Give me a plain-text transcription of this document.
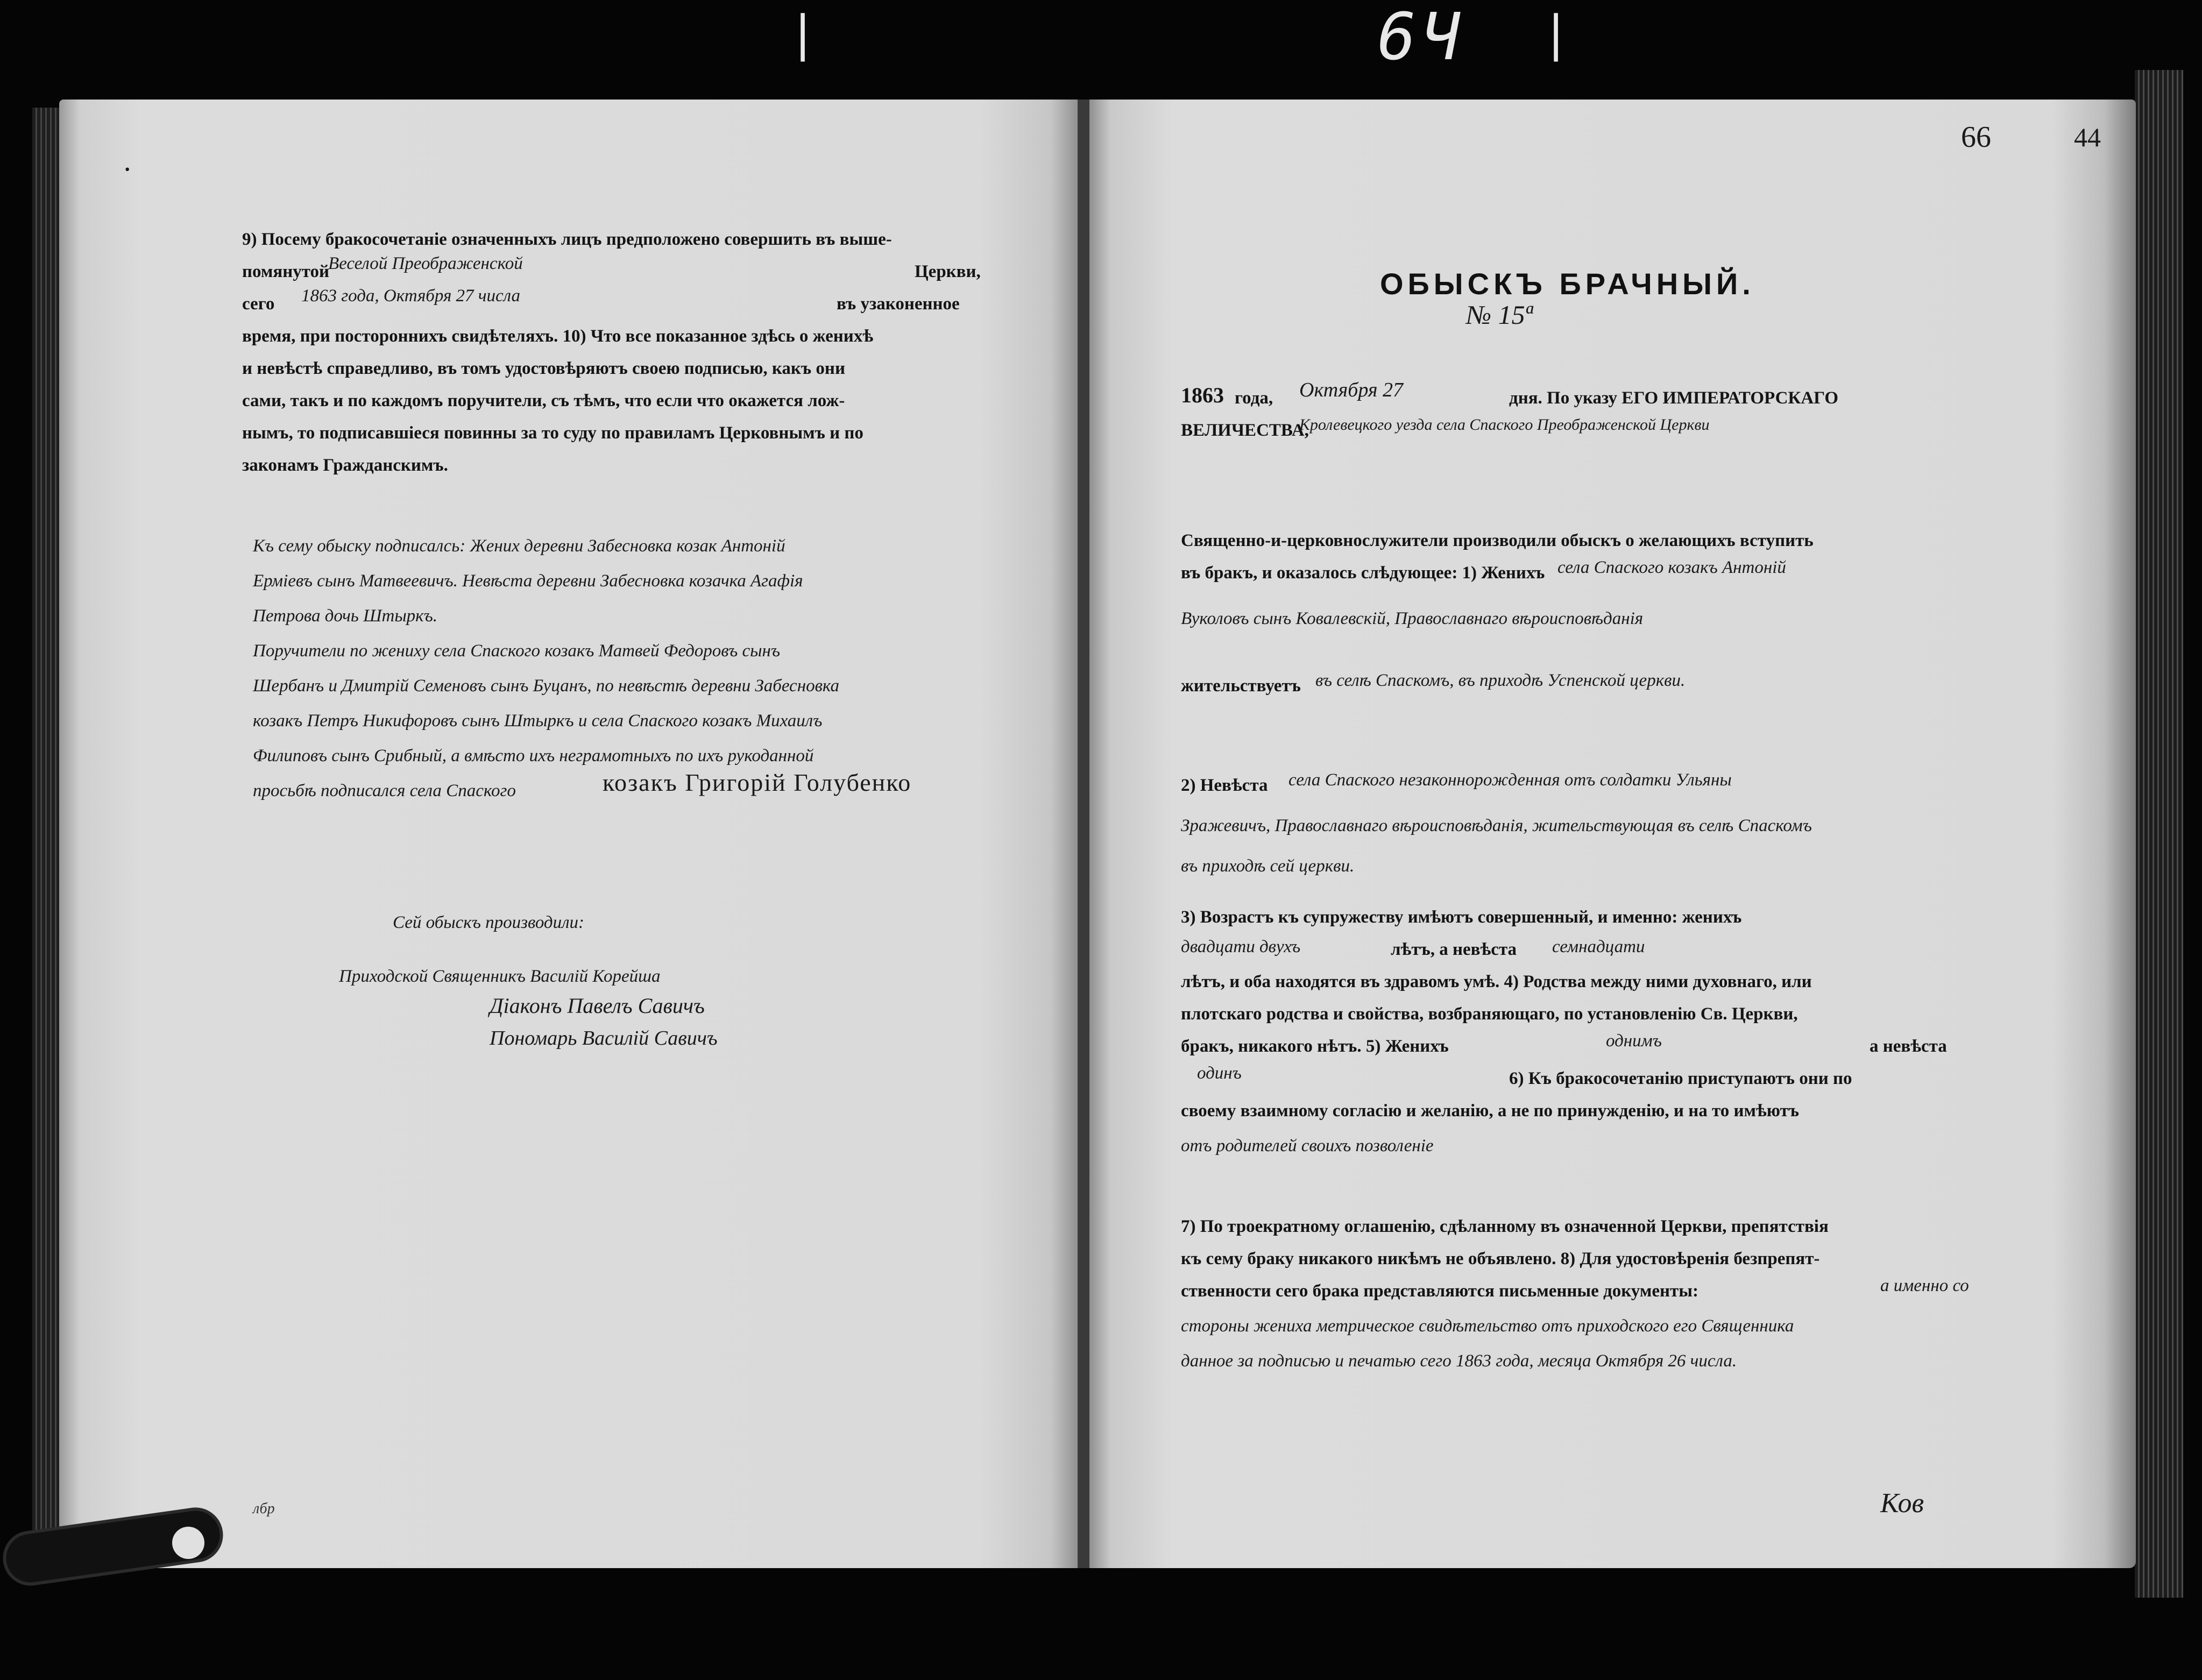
|	6Ч |
·
9) Посему бракосочетаніе означенныхъ лицъ предположено совершить въ выше-
помянутой
Веселой Преображенской	Церкви,
сего 1863 года, Октября 27 числа	въ узаконенное
время, при постороннихъ свидѣтеляхъ. 10) Что все показанное здѣсь о женихѣ
и невѣстѣ справедливо, въ томъ удостовѣряютъ своею подписью, какъ они
сами, такъ и по каждомъ поручители, съ тѣмъ, что если что окажется лож-
нымъ, то подписавшіеся повинны за то суду по правиламъ Церковнымъ и по
законамъ Гражданскимъ.
Къ сему обыску подписалсь: Жених деревни Забесновка козак Антоній
Ерміевъ сынъ Матвеевичъ. Невѣста деревни Забесновка козачка Агафія
Петрова дочь Штыркъ.
Поручители по жениху села Спаского козакъ Матвей Федоровъ сынъ
Шербанъ и Дмитрій Семеновъ сынъ Буцанъ, по невѣстѣ деревни Забесновка
козакъ Петръ Никифоровъ сынъ Штыркъ и села Спаского козакъ Михаилъ
Филиповъ сынъ Срибный, а вмѣсто ихъ неграмотныхъ по ихъ рукоданной
просьбѣ подписался села Спаского	козакъ Григорій Голубенко
Сей обыскъ производили:
Приходской Священникъ Василій Корейша
Діаконъ Павелъ Савичъ
Пономарь Василій Савичъ
лбр
66	44
ОБЫСКЪ БРАЧНЫЙ.
№ 15ª
1863 года, Октября 27	дня. По указу ЕГО ИМПЕРАТОРСКАГО
ВЕЛИЧЕСТВА,
Кролевецкого уезда села Спаского Преображенской Церкви
Священно-и-церковнослужители производили обыскъ о желающихъ вступить
въ бракъ, и оказалось слѣдующее: 1) Женихъ села Спаского козакъ Антоній
Вуколовъ сынъ Ковалевскій, Православнаго вѣроисповѣданія
жительствуетъ въ селѣ Спаскомъ, въ приходѣ Успенской церкви.
2) Невѣста села Спаского незаконнорожденная отъ солдатки Ульяны
Зражевичъ, Православнаго вѣроисповѣданія, жительствующая въ селѣ Спаскомъ
въ приходѣ сей церкви.
3) Возрастъ къ супружеству имѣютъ совершенный, и именно: женихъ
двадцати двухъ	лѣтъ, а невѣста семнадцати
лѣтъ, и оба находятся въ здравомъ умѣ. 4) Родства между ними духовнаго, или
плотскаго родства и свойства, возбраняющаго, по установленію Св. Церкви,
бракъ, никакого нѣтъ. 5) Женихъ	однимъ	а невѣста
одинъ	6) Къ бракосочетанію приступаютъ они по
своему взаимному согласію и желанію, а не по принужденію, и на то имѣютъ
отъ родителей своихъ позволеніе
7) По троекратному оглашенію, сдѣланному въ означенной Церкви, препятствія
къ сему браку никакого никѣмъ не объявлено. 8) Для удостовѣренія безпрепят-
ственности сего брака представляются письменные документы:	а именно со
стороны жениха метрическое свидѣтельство отъ приходского его Священника
данное за подписью и печатью сего 1863 года, месяца Октября 26 числа.
Ков
